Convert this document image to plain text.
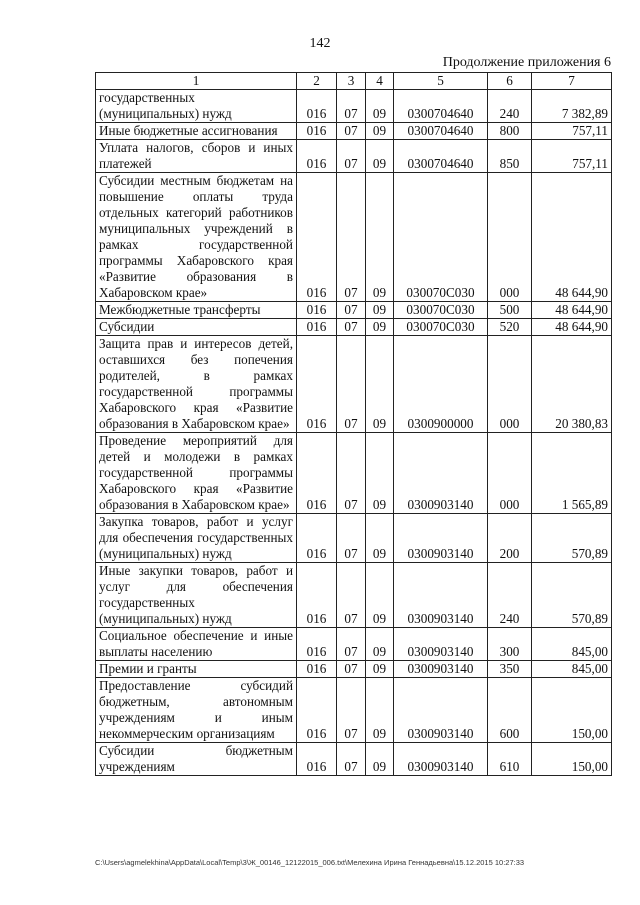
142
Продолжение приложения 6
1	2	3	4	5	6	7
государственных (муниципальных) нужд	016	07	09	0300704640	240	7 382,89
Иные бюджетные ассигнования	016	07	09	0300704640	800	757,11
Уплата налогов, сборов и иных платежей	016	07	09	0300704640	850	757,11
Субсидии местным бюджетам на повышение оплаты труда отдельных категорий работников муниципальных учреждений в рамках государственной программы Хабаровского края «Развитие образования в Хабаровском крае»	016	07	09	030070С030	000	48 644,90
Межбюджетные трансферты	016	07	09	030070С030	500	48 644,90
Субсидии	016	07	09	030070С030	520	48 644,90
Защита прав и интересов детей, оставшихся без попечения родителей, в рамках государственной программы Хабаровского края «Развитие образования в Хабаровском крае»	016	07	09	0300900000	000	20 380,83
Проведение мероприятий для детей и молодежи в рамках государственной программы Хабаровского края «Развитие образования в Хабаровском крае»	016	07	09	0300903140	000	1 565,89
Закупка товаров, работ и услуг для обеспечения государственных (муниципальных) нужд	016	07	09	0300903140	200	570,89
Иные закупки товаров, работ и услуг для обеспечения государственных (муниципальных) нужд	016	07	09	0300903140	240	570,89
Социальное обеспечение и иные выплаты населению	016	07	09	0300903140	300	845,00
Премии и гранты	016	07	09	0300903140	350	845,00
Предоставление субсидий бюджетным, автономным учреждениям и иным некоммерческим организациям	016	07	09	0300903140	600	150,00
Субсидии бюджетным учреждениям	016	07	09	0300903140	610	150,00
C:\Users\agmelekhina\AppData\Local\Temp\3\Ж_00146_12122015_006.txt\Мелехина Ирина Геннадьевна\15.12.2015 10:27:33
